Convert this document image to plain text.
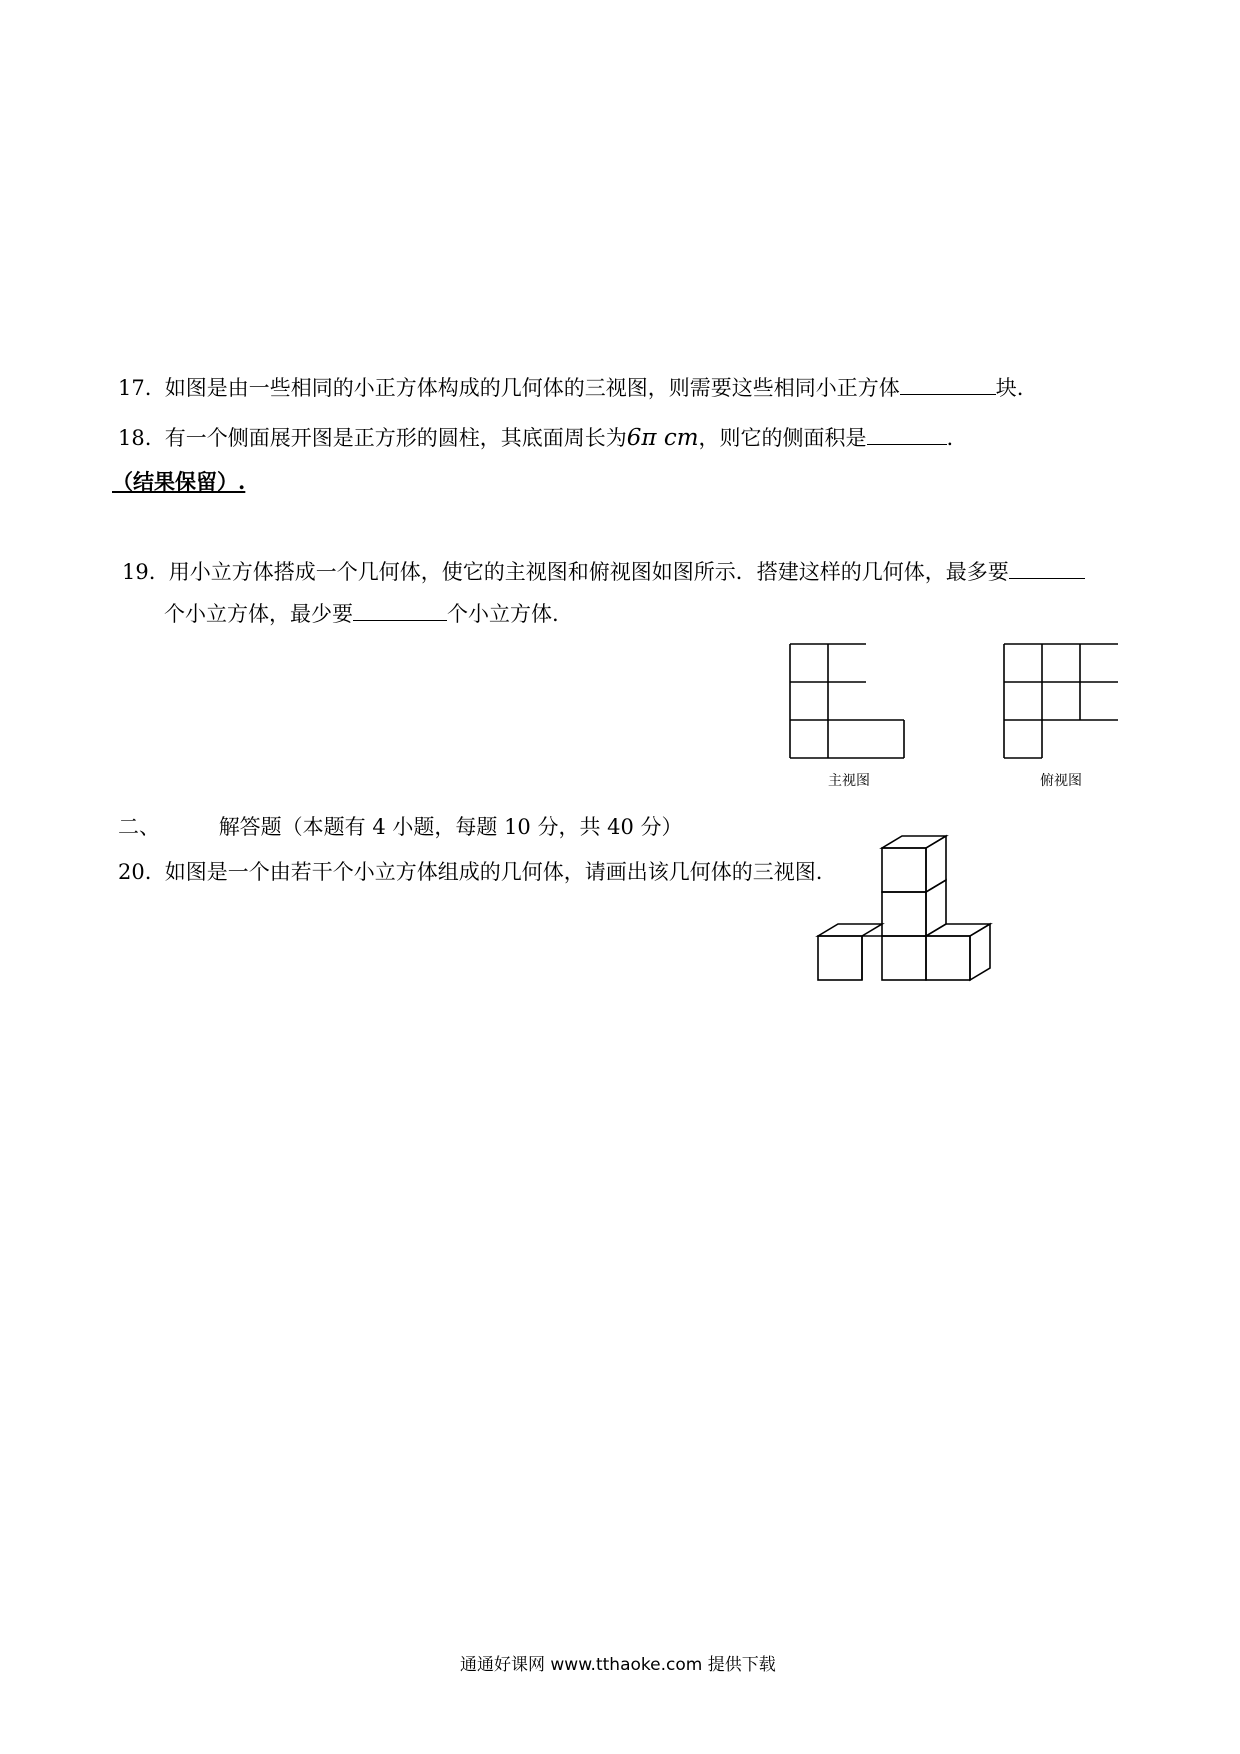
17. 如图是由一些相同的小正方体构成的几何体的三视图，则需要这些相同小正方体	块.
18. 有一个侧面展开图是正方形的圆柱，其底面周长为6π cm，则它的侧面积是	.
（结果保留）.
19. 用小立方体搭成一个几何体，使它的主视图和俯视图如图所示．搭建这样的几何体，最多要
个小立方体，最少要	个小立方体.
主视图	俯视图
二、	解答题（本题有 4 小题，每题 10 分，共 40 分）
20. 如图是一个由若干个小立方体组成的几何体，请画出该几何体的三视图.
通通好课网 www.tthaoke.com 提供下载
